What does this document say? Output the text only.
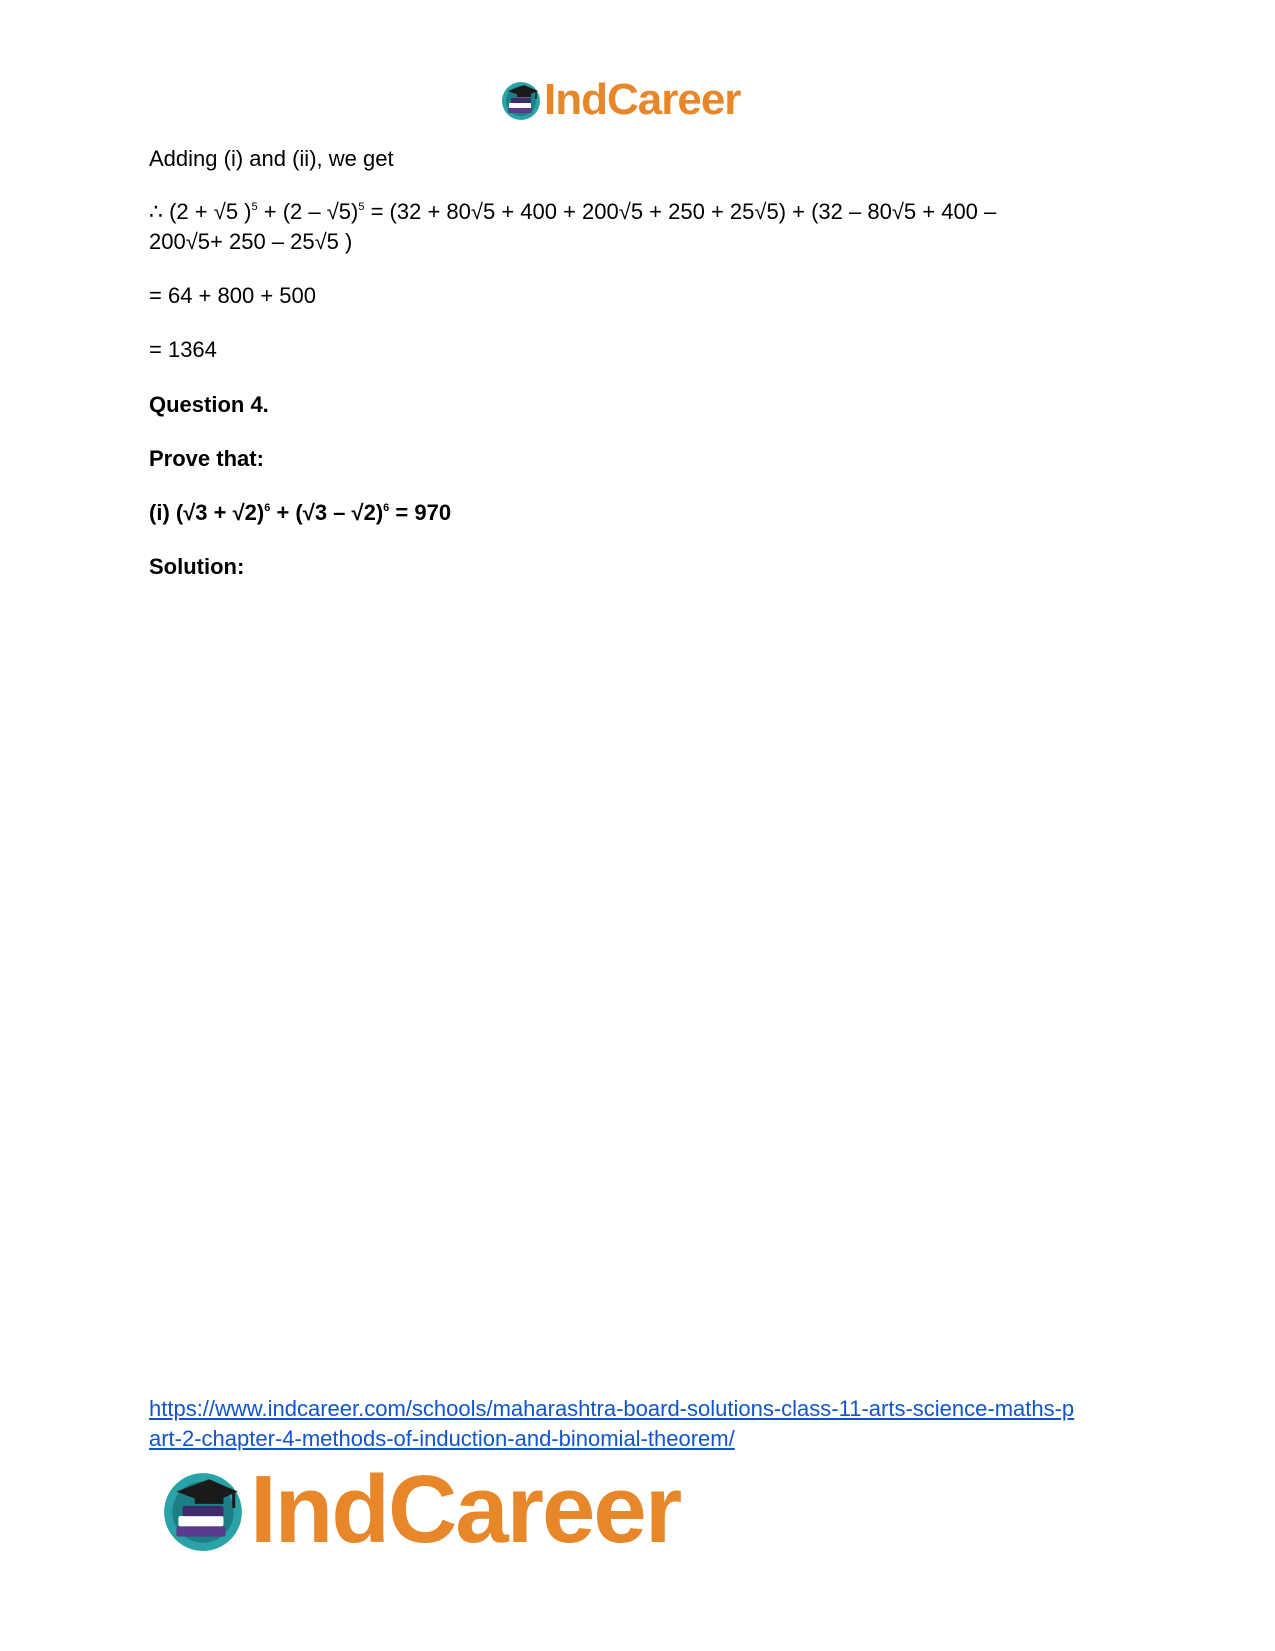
IndCareer

Adding (i) and (ii), we get

∴ (2 + √5 )$^5$ + (2 – √5)$^5$ = (32 + 80√5 + 400 + 200√5 + 250 + 25√5) + (32 – 80√5 + 400 –

200√5+ 250 – 25√5 )

= 64 + 800 + 500

= 1364

Question 4.

Prove that:

(i) $(√3 + √2)^6 + (√3 - √2)^6 = 970$

Solution:

https://www.indcareer.com/schools/maharashtra-board-solutions-class-11-arts-science-maths-p
art-2-chapter-4-methods-of-induction-and-binomial-theorem/
IndCareer
